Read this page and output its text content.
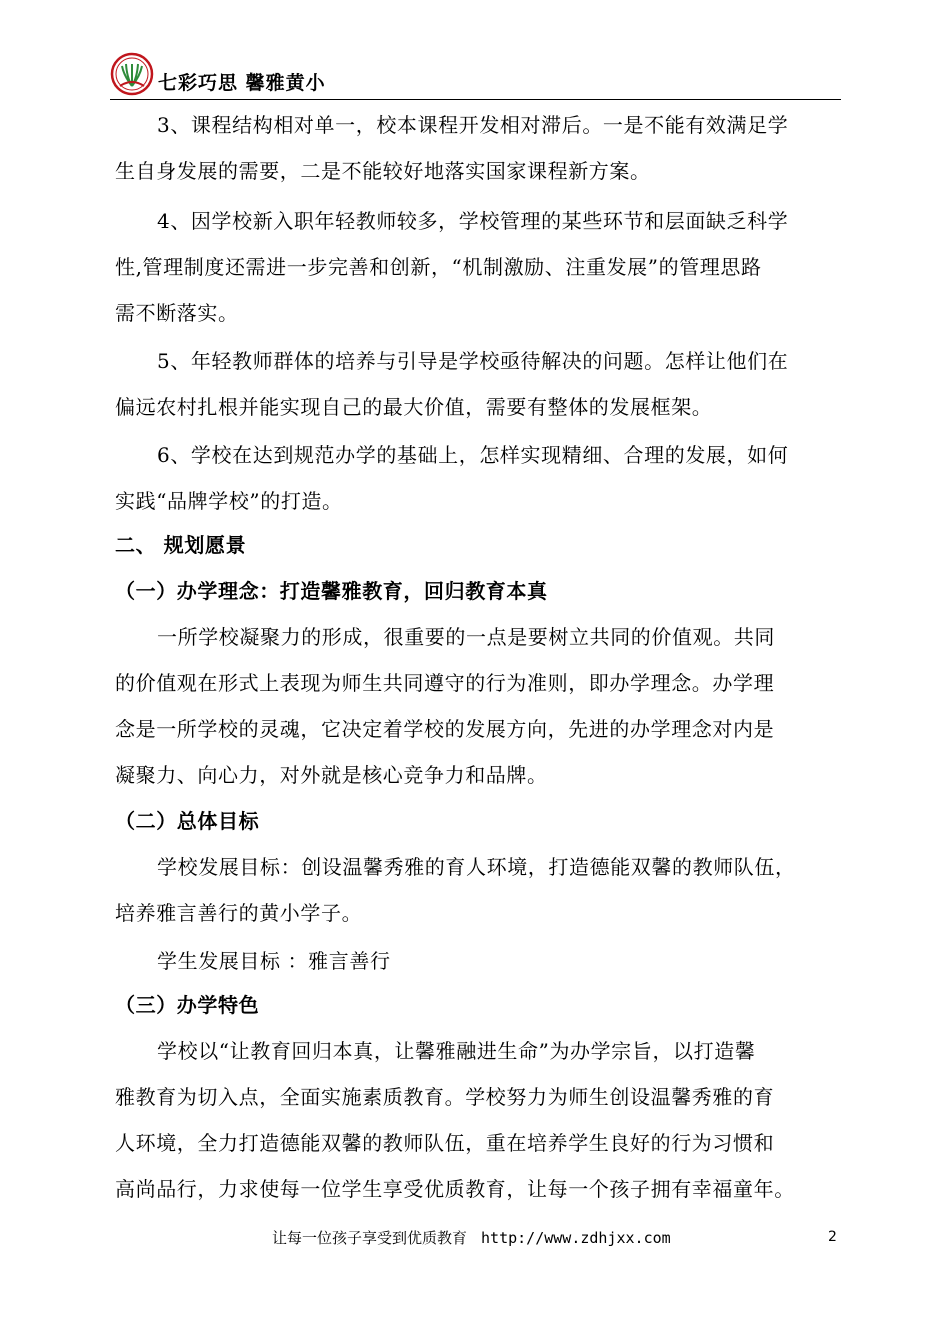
七彩巧思 馨雅黄小
3、课程结构相对单一，校本课程开发相对滞后。一是不能有效满足学
生自身发展的需要，二是不能较好地落实国家课程新方案。
4、因学校新入职年轻教师较多，学校管理的某些环节和层面缺乏科学
性,管理制度还需进一步完善和创新，“机制激励、注重发展”的管理思路
需不断落实。
5、年轻教师群体的培养与引导是学校亟待解决的问题。怎样让他们在
偏远农村扎根并能实现自己的最大价值，需要有整体的发展框架。
6、学校在达到规范办学的基础上，怎样实现精细、合理的发展，如何
实践“品牌学校”的打造。
二、 规划愿景
（一）办学理念：打造馨雅教育，回归教育本真
一所学校凝聚力的形成，很重要的一点是要树立共同的价值观。共同
的价值观在形式上表现为师生共同遵守的行为准则，即办学理念。办学理
念是一所学校的灵魂，它决定着学校的发展方向，先进的办学理念对内是
凝聚力、向心力，对外就是核心竞争力和品牌。
（二）总体目标
学校发展目标：创设温馨秀雅的育人环境，打造德能双馨的教师队伍，
培养雅言善行的黄小学子。
学生发展目标 ：雅言善行
（三）办学特色
学校以“让教育回归本真，让馨雅融进生命”为办学宗旨，以打造馨
雅教育为切入点，全面实施素质教育。学校努力为师生创设温馨秀雅的育
人环境，全力打造德能双馨的教师队伍，重在培养学生良好的行为习惯和
高尚品行，力求使每一位学生享受优质教育，让每一个孩子拥有幸福童年。
让每一位孩子享受到优质教育 http://www.zdhjxx.com	2
